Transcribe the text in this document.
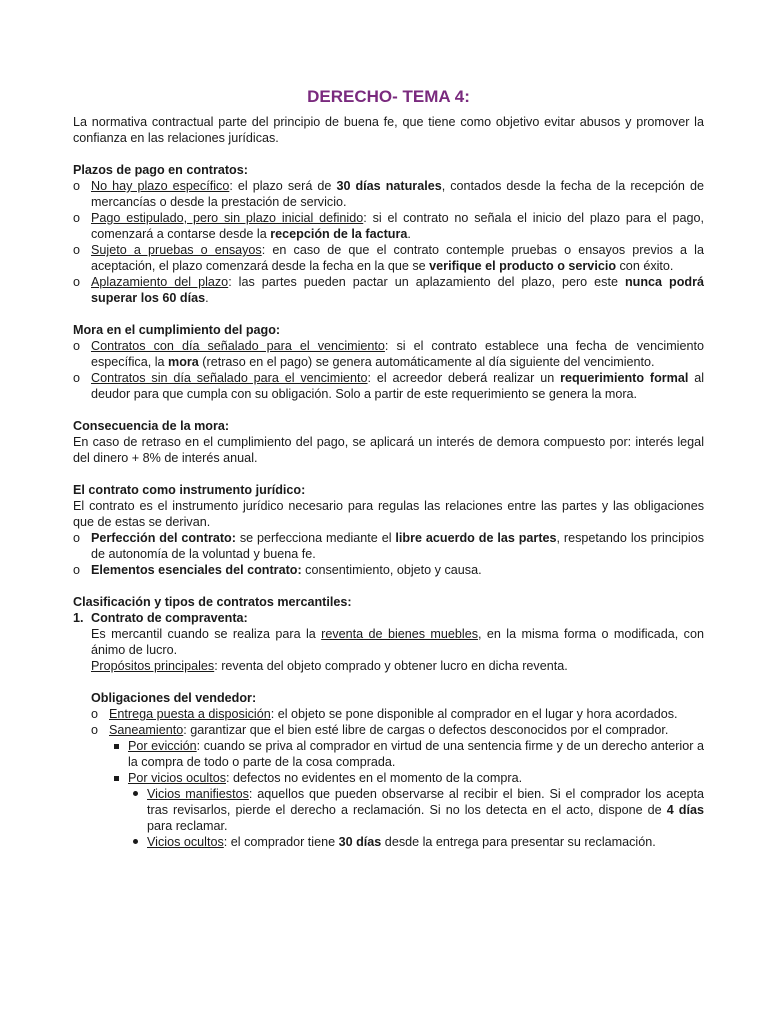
DERECHO- TEMA 4:

La normativa contractual parte del principio de buena fe, que tiene como objetivo evitar abusos y promover la confianza en las relaciones jurídicas.

Plazos de pago en contratos:
o No hay plazo específico: el plazo será de 30 días naturales, contados desde la fecha de la recepción de mercancías o desde la prestación de servicio.
o Pago estipulado, pero sin plazo inicial definido: si el contrato no señala el inicio del plazo para el pago, comenzará a contarse desde la recepción de la factura.
o Sujeto a pruebas o ensayos: en caso de que el contrato contemple pruebas o ensayos previos a la aceptación, el plazo comenzará desde la fecha en la que se verifique el producto o servicio con éxito.
o Aplazamiento del plazo: las partes pueden pactar un aplazamiento del plazo, pero este nunca podrá superar los 60 días.
Mora en el cumplimiento del pago:
o Contratos con día señalado para el vencimiento: si el contrato establece una fecha de vencimiento específica, la mora (retraso en el pago) se genera automáticamente al día siguiente del vencimiento.
o Contratos sin día señalado para el vencimiento: el acreedor deberá realizar un requerimiento formal al deudor para que cumpla con su obligación. Solo a partir de este requerimiento se genera la mora.
Consecuencia de la mora:

En caso de retraso en el cumplimiento del pago, se aplicará un interés de demora compuesto por: interés legal del dinero + 8% de interés anual.

El contrato como instrumento jurídico:

El contrato es el instrumento jurídico necesario para regulas las relaciones entre las partes y las obligaciones que de estas se derivan.

o Perfección del contrato: se perfecciona mediante el libre acuerdo de las partes, respetando los principios de autonomía de la voluntad y buena fe.
o Elementos esenciales del contrato: consentimiento, objeto y causa.
Clasificación y tipos de contratos mercantiles:
1. Contrato de compraventa:

Es mercantil cuando se realiza para la reventa de bienes muebles, en la misma forma o modificada, con ánimo de lucro.

Propósitos principales: reventa del objeto comprado y obtener lucro en dicha reventa.

Obligaciones del vendedor:
o Entrega puesta a disposición: el objeto se pone disponible al comprador en el lugar y hora acordados.
o Saneamiento: garantizar que el bien esté libre de cargas o defectos desconocidos por el comprador.
Por evicción: cuando se priva al comprador en virtud de una sentencia firme y de un derecho anterior a la compra de todo o parte de la cosa comprada.
Por vicios ocultos: defectos no evidentes en el momento de la compra.
Vicios manifiestos: aquellos que pueden observarse al recibir el bien. Si el comprador los acepta tras revisarlos, pierde el derecho a reclamación. Si no los detecta en el acto, dispone de 4 días para reclamar.
Vicios ocultos: el comprador tiene 30 días desde la entrega para presentar su reclamación.
